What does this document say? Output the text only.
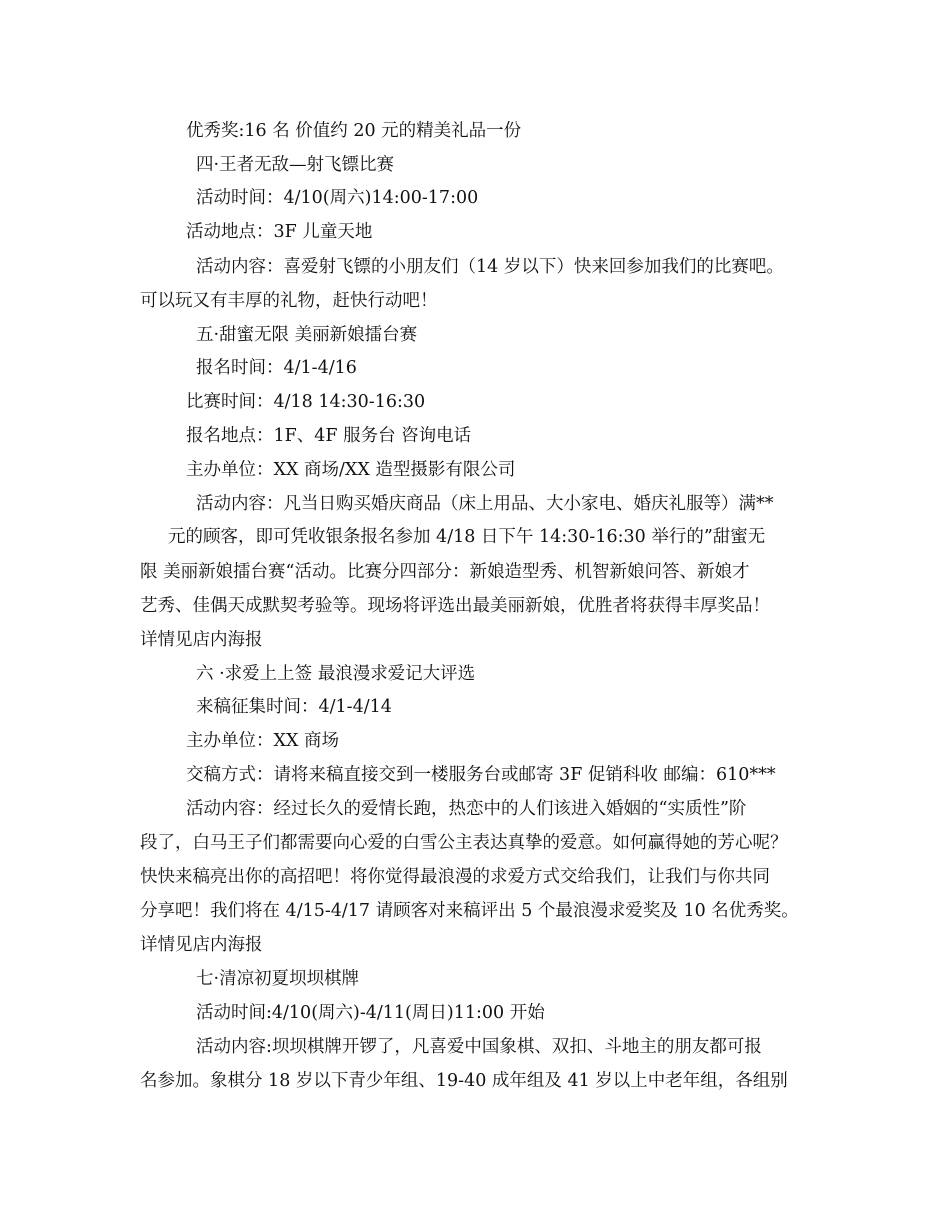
优秀奖:16 名 价值约 20 元的精美礼品一份
四·王者无敌—射飞镖比赛
活动时间：4/10(周六)14:00-17:00
活动地点：3F 儿童天地
活动内容：喜爱射飞镖的小朋友们（14 岁以下）快来回参加我们的比赛吧。
可以玩又有丰厚的礼物，赶快行动吧！
五·甜蜜无限 美丽新娘擂台赛
报名时间：4/1-4/16
比赛时间：4/18 14:30-16:30
报名地点：1F、4F 服务台 咨询电话
主办单位：XX 商场/XX 造型摄影有限公司
活动内容：凡当日购买婚庆商品（床上用品、大小家电、婚庆礼服等）满**
元的顾客，即可凭收银条报名参加 4/18 日下午 14:30-16:30 举行的”甜蜜无
限 美丽新娘擂台赛“活动。比赛分四部分：新娘造型秀、机智新娘问答、新娘才
艺秀、佳偶天成默契考验等。现场将评选出最美丽新娘，优胜者将获得丰厚奖品！
详情见店内海报
六 ·求爱上上签 最浪漫求爱记大评选
来稿征集时间：4/1-4/14
主办单位：XX 商场
交稿方式：请将来稿直接交到一楼服务台或邮寄 3F 促销科收 邮编：610***
活动内容：经过长久的爱情长跑，热恋中的人们该进入婚姻的“实质性”阶
段了，白马王子们都需要向心爱的白雪公主表达真挚的爱意。如何赢得她的芳心呢？
快快来稿亮出你的高招吧！将你觉得最浪漫的求爱方式交给我们，让我们与你共同
分享吧！我们将在 4/15-4/17 请顾客对来稿评出 5 个最浪漫求爱奖及 10 名优秀奖。
详情见店内海报
七·清凉初夏坝坝棋牌
活动时间:4/10(周六)-4/11(周日)11:00 开始
活动内容:坝坝棋牌开锣了，凡喜爱中国象棋、双扣、斗地主的朋友都可报
名参加。象棋分 18 岁以下青少年组、19-40 成年组及 41 岁以上中老年组，各组别
